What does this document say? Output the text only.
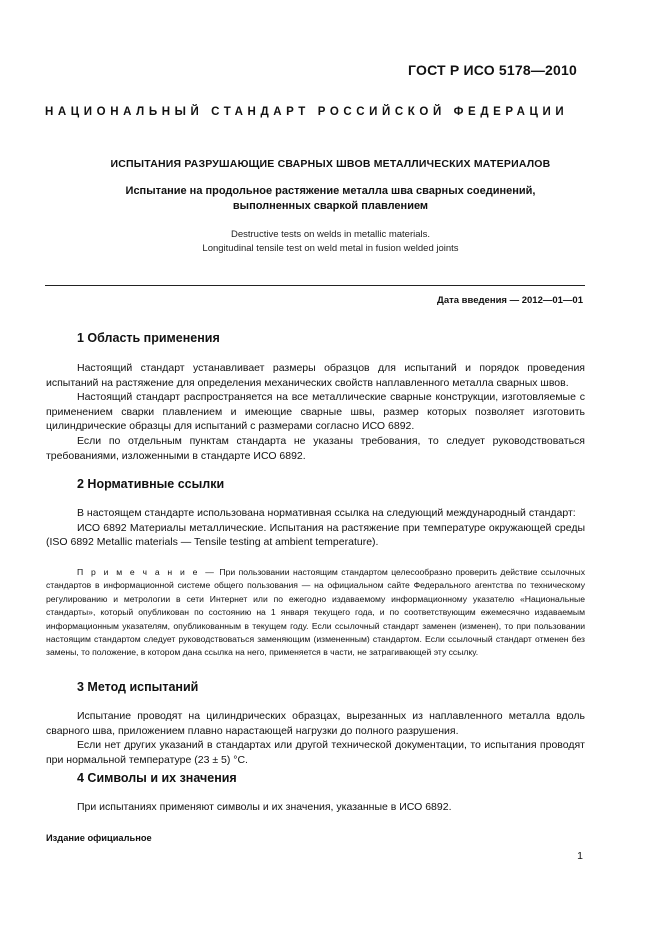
ГОСТ Р ИСО 5178—2010
НАЦИОНАЛЬНЫЙ СТАНДАРТ РОССИЙСКОЙ ФЕДЕРАЦИИ
ИСПЫТАНИЯ РАЗРУШАЮЩИЕ СВАРНЫХ ШВОВ МЕТАЛЛИЧЕСКИХ МАТЕРИАЛОВ
Испытание на продольное растяжение металла шва сварных соединений,
выполненных сваркой плавлением
Destructive tests on welds in metallic materials.
Longitudinal tensile test on weld metal in fusion welded joints
Дата введения — 2012—01—01
1 Область применения

Настоящий стандарт устанавливает размеры образцов для испытаний и порядок проведения испытаний на растяжение для определения механических свойств наплавленного металла сварных швов.

Настоящий стандарт распространяется на все металлические сварные конструкции, изготовляемые с применением сварки плавлением и имеющие сварные швы, размер которых позволяет изготовить цилиндрические образцы для испытаний с размерами согласно ИСО 6892.

Если по отдельным пунктам стандарта не указаны требования, то следует руководствоваться требованиями, изложенными в стандарте ИСО 6892.

2 Нормативные ссылки

В настоящем стандарте использована нормативная ссылка на следующий международный стандарт:

ИСО 6892 Материалы металлические. Испытания на растяжение при температуре окружающей среды (ISO 6892 Metallic materials — Tensile testing at ambient temperature).

П р и м е ч а н и е — При пользовании настоящим стандартом целесообразно проверить действие ссылочных стандартов в информационной системе общего пользования — на официальном сайте Федерального агентства по техническому регулированию и метрологии в сети Интернет или по ежегодно издаваемому информационному указателю «Национальные стандарты», который опубликован по состоянию на 1 января текущего года, и по соответствующим ежемесячно издаваемым информационным указателям, опубликованным в текущем году. Если ссылочный стандарт заменен (изменен), то при пользовании настоящим стандартом следует руководствоваться заменяющим (измененным) стандартом. Если ссылочный стандарт отменен без замены, то положение, в котором дана ссылка на него, применяется в части, не затрагивающей эту ссылку.

3 Метод испытаний

Испытание проводят на цилиндрических образцах, вырезанных из наплавленного металла вдоль сварного шва, приложением плавно нарастающей нагрузки до полного разрушения.

Если нет других указаний в стандартах или другой технической документации, то испытания проводят при нормальной температуре (23 ± 5) °С.

4 Символы и их значения

При испытаниях применяют символы и их значения, указанные в ИСО 6892.

Издание официальное
1
